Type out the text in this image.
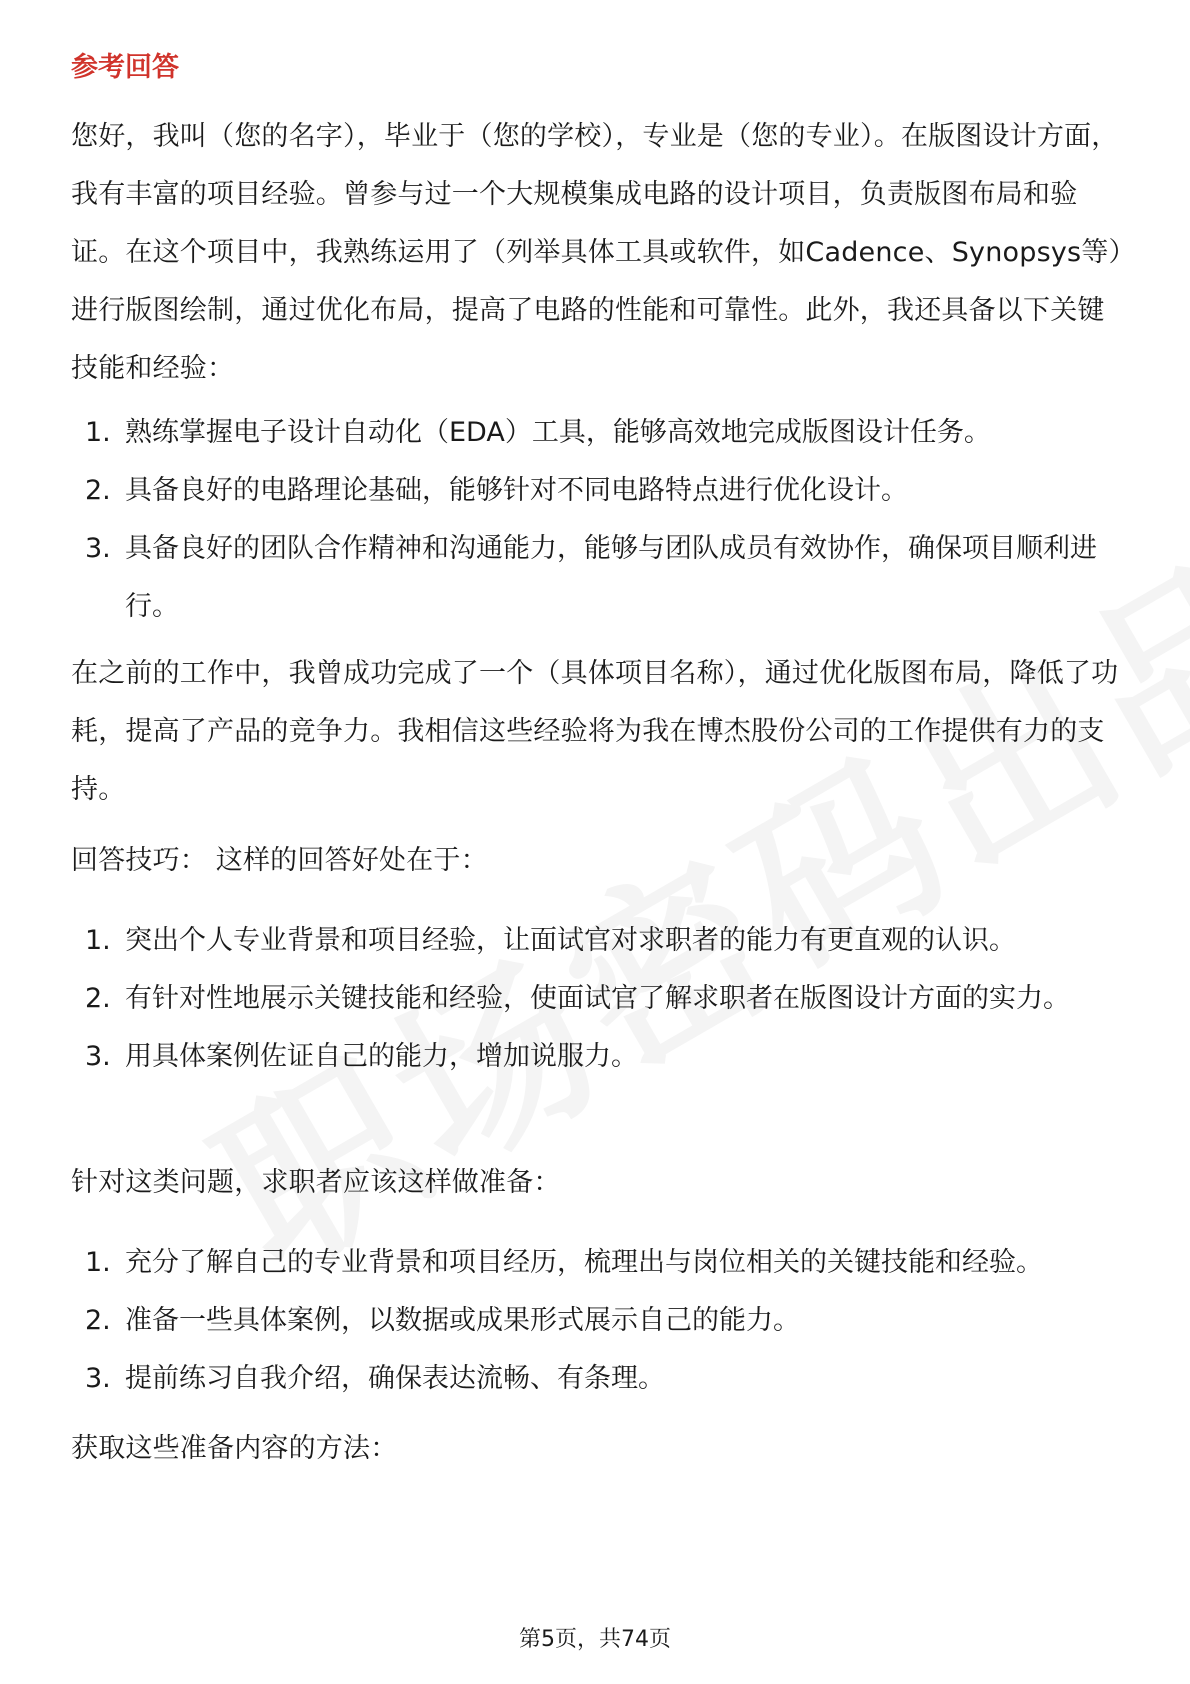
参考回答
您好，我叫（您的名字），毕业于（您的学校），专业是（您的专业）。在版图设计方面，我有丰富的项目经验。曾参与过一个大规模集成电路的设计项目，负责版图布局和验证。在这个项目中，我熟练运用了（列举具体工具或软件，如Cadence、Synopsys等）进行版图绘制，通过优化布局，提高了电路的性能和可靠性。此外，我还具备以下关键技能和经验：
1. 熟练掌握电子设计自动化（EDA）工具，能够高效地完成版图设计任务。
2. 具备良好的电路理论基础，能够针对不同电路特点进行优化设计。
3. 具备良好的团队合作精神和沟通能力，能够与团队成员有效协作，确保项目顺利进行。
在之前的工作中，我曾成功完成了一个（具体项目名称），通过优化版图布局，降低了功耗，提高了产品的竞争力。我相信这些经验将为我在博杰股份公司的工作提供有力的支持。
回答技巧： 这样的回答好处在于：
1. 突出个人专业背景和项目经验，让面试官对求职者的能力有更直观的认识。
2. 有针对性地展示关键技能和经验，使面试官了解求职者在版图设计方面的实力。
3. 用具体案例佐证自己的能力，增加说服力。
针对这类问题，求职者应该这样做准备：
1. 充分了解自己的专业背景和项目经历，梳理出与岗位相关的关键技能和经验。
2. 准备一些具体案例，以数据或成果形式展示自己的能力。
3. 提前练习自我介绍，确保表达流畅、有条理。
获取这些准备内容的方法：
第5页，共74页
